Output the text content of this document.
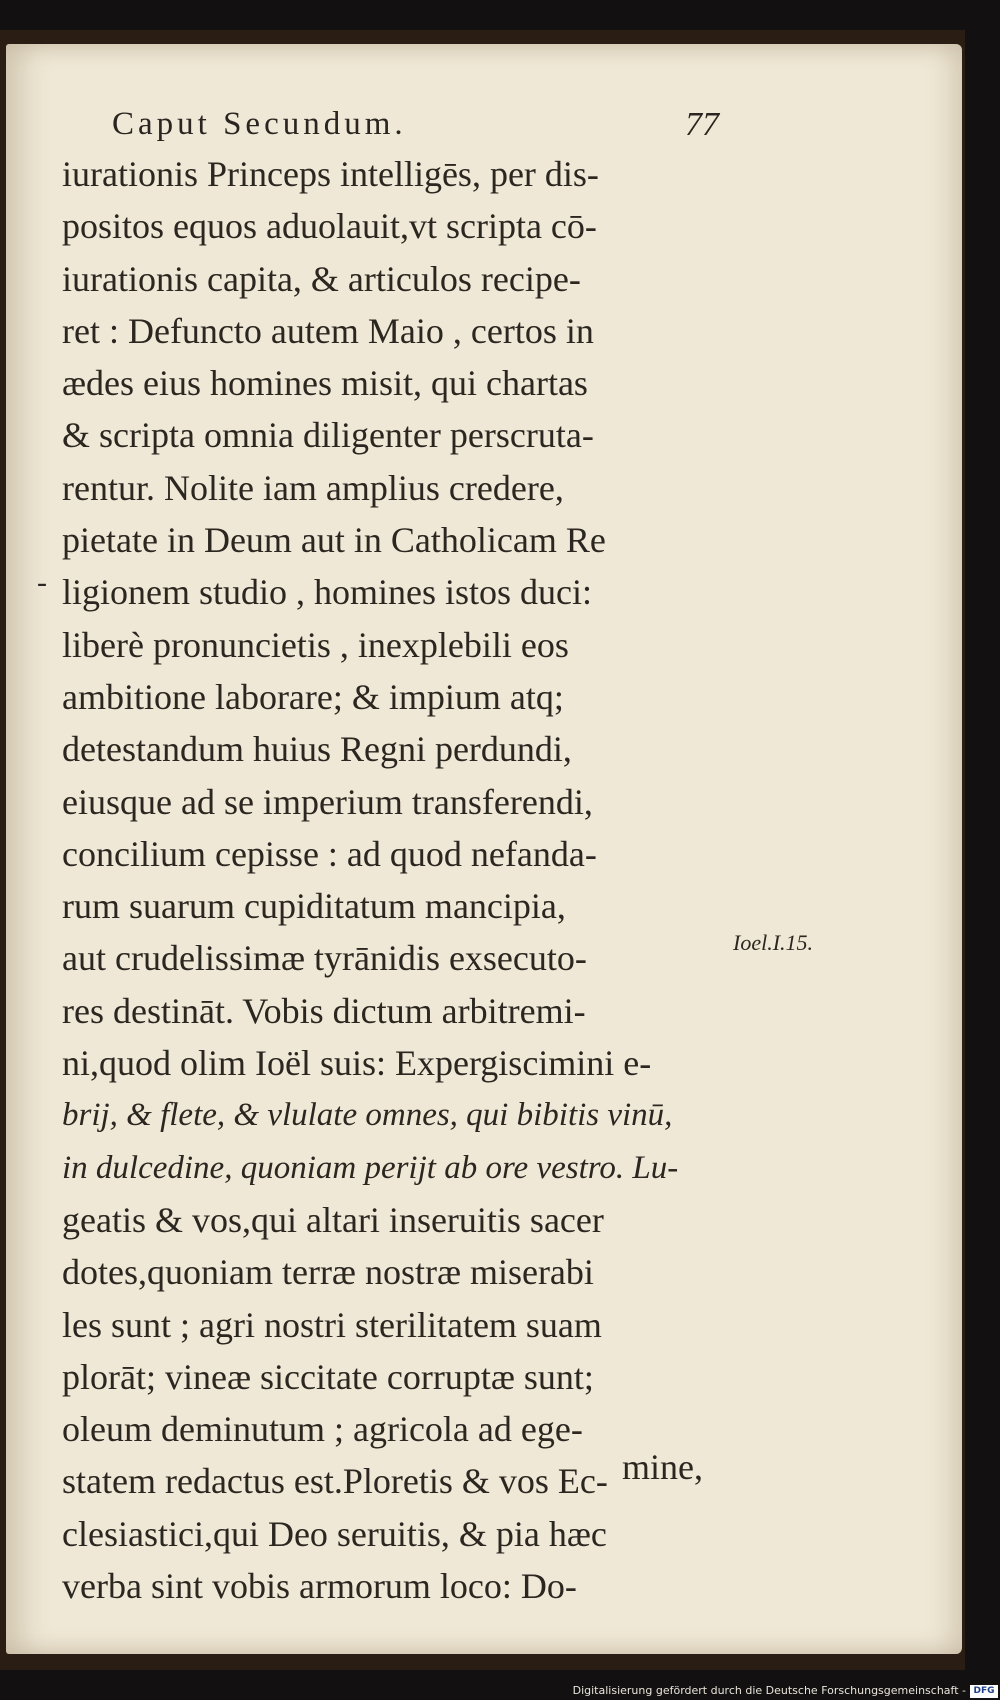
Caput Secundum.	77
-
iurationis Princeps intelligēs, per dis-
positos equos aduolauit,vt scripta cō-
iurationis capita, & articulos recipe-
ret : Defuncto autem Maio , certos in
ædes eius homines misit, qui chartas
& scripta omnia diligenter perscruta-
rentur. Nolite iam amplius credere,
pietate in Deum aut in Catholicam Re
ligionem studio , homines istos duci:
liberè pronuncietis , inexplebili eos
ambitione laborare; & impium atq;
detestandum huius Regni perdundi,
eiusque ad se imperium transferendi,
concilium cepisse : ad quod nefanda-
rum suarum cupiditatum mancipia,
aut crudelissimæ tyrānidis exsecuto-
res destināt. Vobis dictum arbitremi-
ni,quod olim Ioël suis: Expergiscimini e-
brij, & flete, & vlulate omnes, qui bibitis vinū,
in dulcedine, quoniam perijt ab ore vestro. Lu-
geatis & vos,qui altari inseruitis sacer
dotes,quoniam terræ nostræ miserabi
les sunt ; agri nostri sterilitatem suam
plorāt; vineæ siccitate corruptæ sunt;
oleum deminutum ; agricola ad ege-
statem redactus est.Ploretis & vos Ec-
clesiastici,qui Deo seruitis, & pia hæc
verba sint vobis armorum loco: Do-
Ioel.I.15.
mine,
Digitalisierung gefördert durch die Deutsche Forschungsgemeinschaft - DFG
